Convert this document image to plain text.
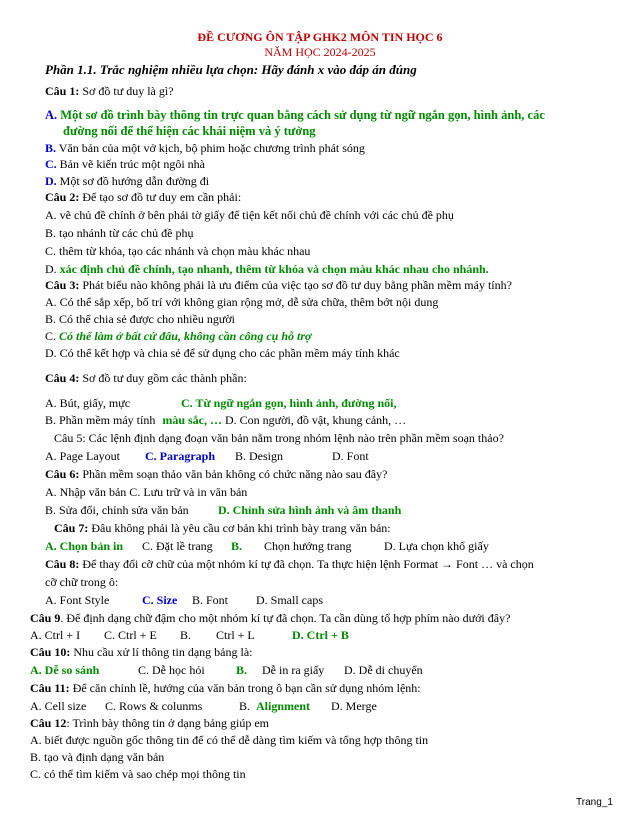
ĐỀ CƯƠNG ÔN TẬP GHK2 MÔN TIN HỌC 6
NĂM HỌC 2024-2025
Phần 1.1. Trắc nghiệm nhiều lựa chọn: Hãy đánh x vào đáp án đúng
Câu 1: Sơ đồ tư duy là gì?
A. Một sơ đồ trình bày thông tin trực quan bằng cách sử dụng từ ngữ ngắn gọn, hình ảnh, các
đường nối để thể hiện các khái niệm và ý tưởng
B. Văn bản của một vở kịch, bộ phim hoặc chương trình phát sóng
C. Bản vẽ kiến trúc một ngôi nhà
D. Một sơ đồ hướng dẫn đường đi
Câu 2: Để tạo sơ đồ tư duy em cần phải:
A. vẽ chủ đề chính ở bên phải tờ giấy để tiện kết nối chủ đề chính với các chủ đề phụ
B. tạo nhánh từ các chủ đề phụ
C. thêm từ khóa, tạo các nhánh và chọn màu khác nhau
D. xác định chủ đề chính, tạo nhanh, thêm từ khóa và chọn màu khác nhau cho nhánh.
Câu 3: Phát biểu nào không phải là ưu điểm của việc tạo sơ đồ tư duy bằng phần mềm máy tính?
A. Có thể sắp xếp, bố trí với không gian rộng mở, dễ sửa chữa, thêm bớt nội dung
B. Có thể chia sẻ được cho nhiều người
C. Có thể làm ở bất cứ đâu, không cần công cụ hỗ trợ
D. Có thể kết hợp và chia sẻ để sử dụng cho các phần mềm máy tính khác
Câu 4: Sơ đồ tư duy gồm các thành phần:
A. Bút, giấy, mực	C. Từ ngữ ngắn gọn, hình ảnh, đường nối,
B. Phần mềm máy tính màu sắc, … D. Con người, đồ vật, khung cảnh, …
Câu 5: Các lệnh định dạng đoạn văn bản nằm trong nhóm lệnh nào trên phần mềm soạn thảo?
A. Page Layout C. Paragraph B. Design	D. Font
Câu 6: Phần mềm soạn thảo văn bản không có chức năng nào sau đây?
A. Nhập văn bản C. Lưu trữ và in văn bản
B. Sửa đổi, chỉnh sửa văn bản D. Chỉnh sửa hình ảnh và âm thanh
Câu 7: Đâu không phải là yêu cầu cơ bản khi trình bày trang văn bản:
A. Chọn bản in C. Đặt lề trang B. Chọn hướng trang	D. Lựa chọn khổ giấy
Câu 8: Để thay đổi cỡ chữ của một nhóm kí tự đã chọn. Ta thực hiện lệnh Format → Font … và chọn
cỡ chữ trong ô:
A. Font Style	C. Size B. Font D. Small caps
Câu 9. Để định dạng chữ đậm cho một nhóm kí tự đã chọn. Ta cần dùng tổ hợp phím nào dưới đây?
A. Ctrl + I C. Ctrl + E B. Ctrl + L	D. Ctrl + B
Câu 10: Nhu cầu xử lí thông tin dạng bảng là:
A. Dễ so sánh	C. Dễ học hỏi	B. Dễ in ra giấy D. Dễ di chuyển
Câu 11: Để căn chỉnh lề, hướng của văn bản trong ô bạn cần sử dụng nhóm lệnh:
A. Cell size C. Rows & colunms	B. Alignment D. Merge
Câu 12: Trình bày thông tin ở dạng bảng giúp em
A. biết được nguồn gốc thông tin để có thể dễ dàng tìm kiếm và tổng hợp thông tin
B. tạo và định dạng văn bản
C. có thể tìm kiếm và sao chép mọi thông tin
Trang_1
